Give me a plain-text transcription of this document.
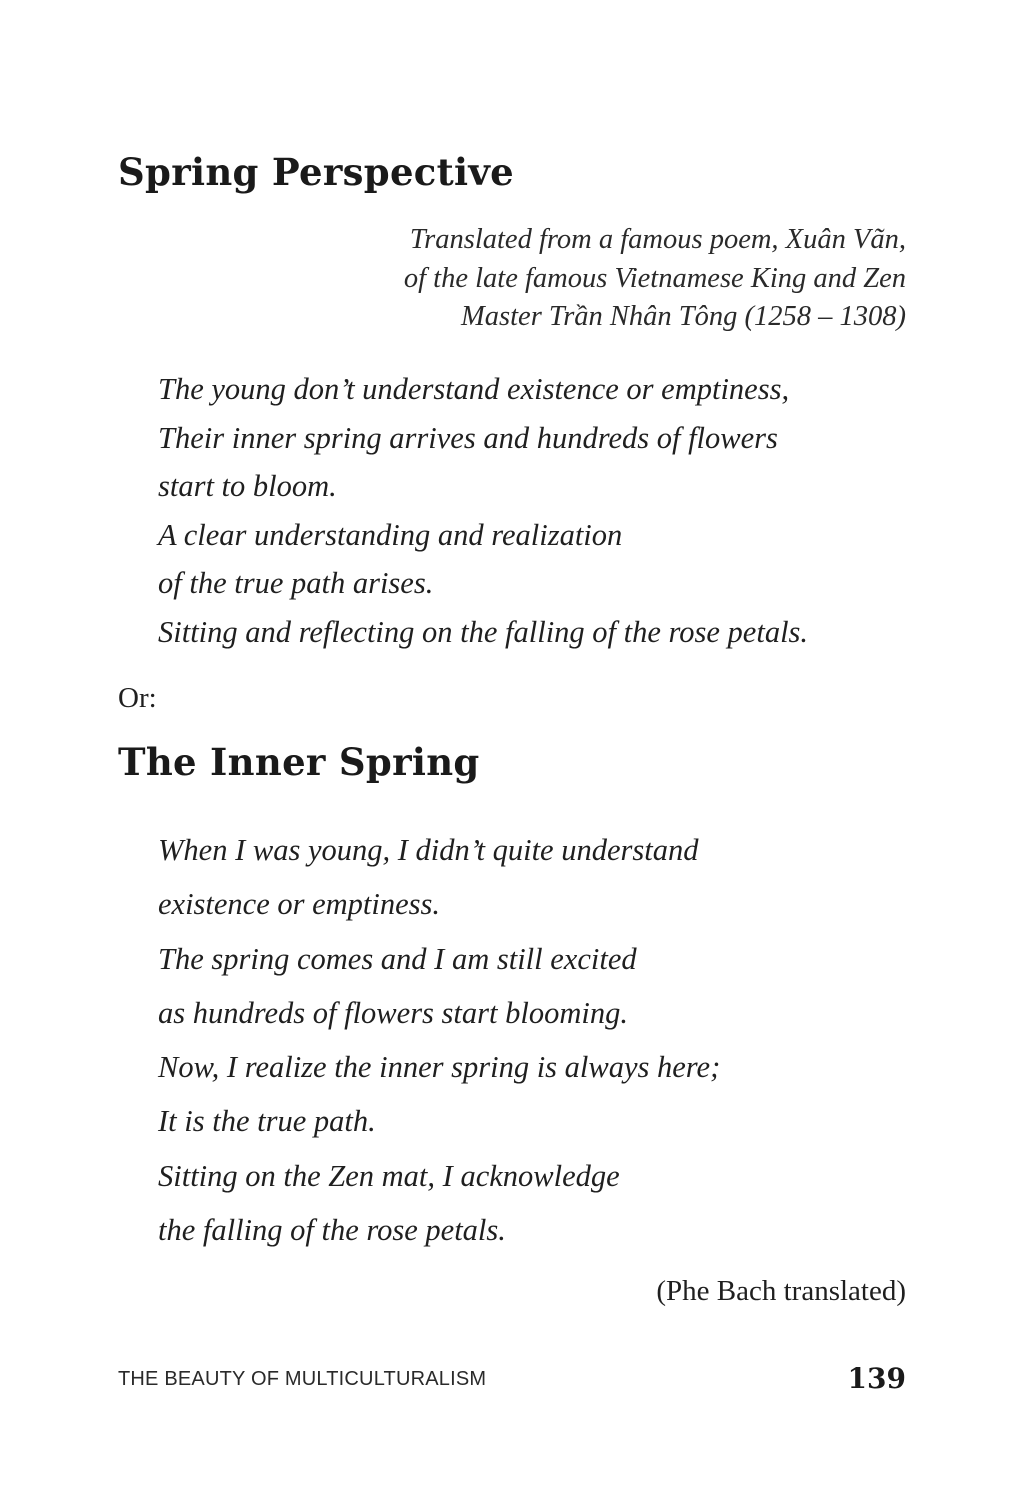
Spring Perspective
Translated from a famous poem, Xuân Vãn,
of the late famous Vietnamese King and Zen
Master Trần Nhân Tông (1258 – 1308)
The young don’t understand existence or emptiness,
Their inner spring arrives and hundreds of flowers
start to bloom.
A clear understanding and realization
of the true path arises.
Sitting and reflecting on the falling of the rose petals.
Or:
The Inner Spring
When I was young, I didn’t quite understand
existence or emptiness.
The spring comes and I am still excited
as hundreds of flowers start blooming.
Now, I realize the inner spring is always here;
It is the true path.
Sitting on the Zen mat, I acknowledge
the falling of the rose petals.
(Phe Bach translated)
THE BEAUTY OF MULTICULTURALISM	139
